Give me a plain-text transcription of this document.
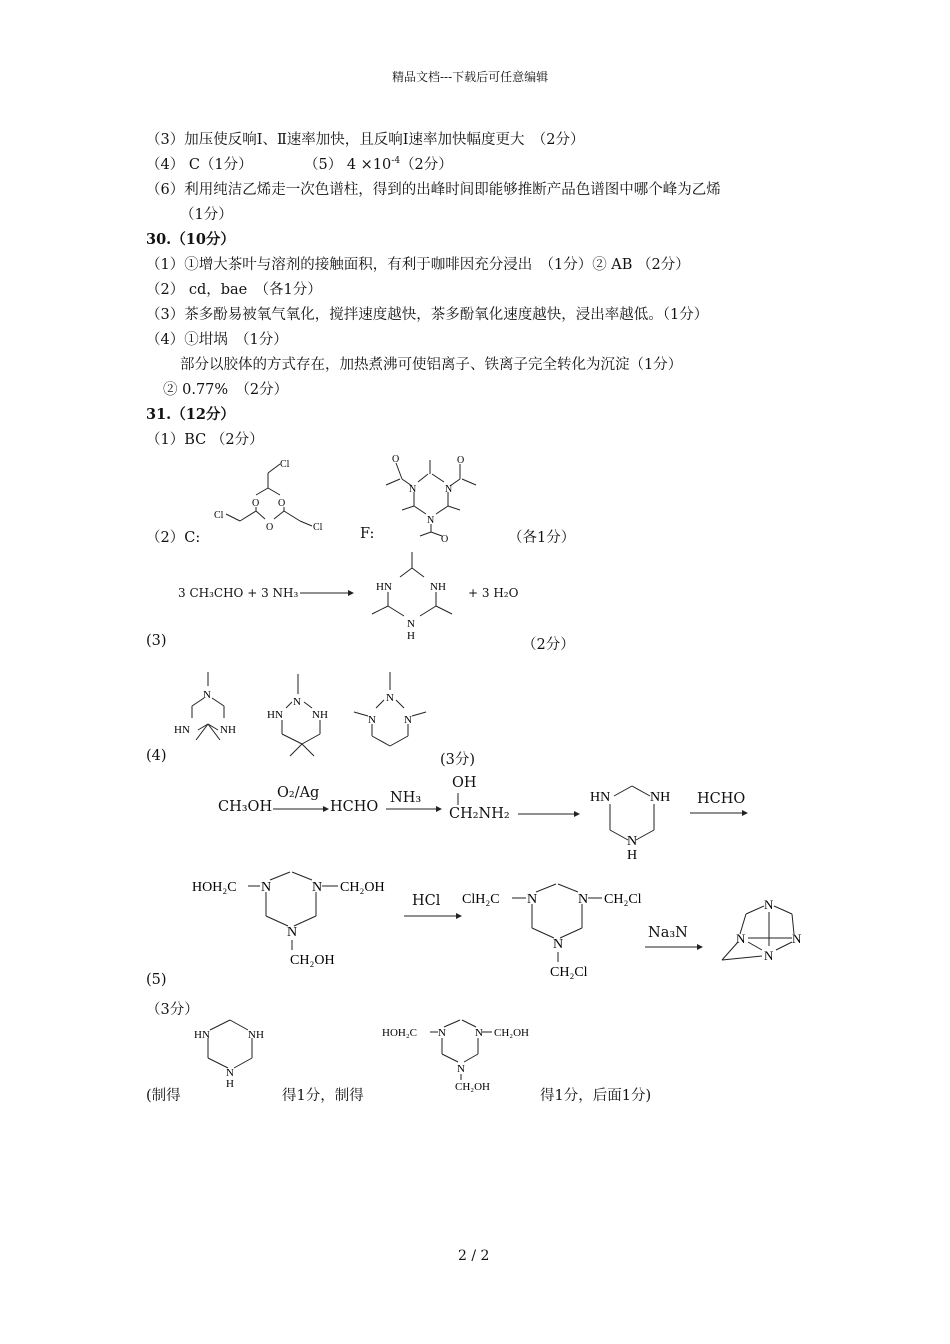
精品文档---下载后可任意编辑
（3）加压使反响Ⅰ、Ⅱ速率加快，且反响Ⅰ速率加快幅度更大　（2分）
（4） C（1分）	（5） $4 \times 10^{-4}(2$分）
（6）利用纯洁乙烯走一次色谱柱，得到的出峰时间即能够推断产品色谱图中哪个峰为乙烯
（1分）
30.（10分）
（1）①增大茶叶与溶剂的接触面积，有利于咖啡因充分浸出　（1分）② AB （2分）
（2） cd，bae　（各1分）
（3）茶多酚易被氧气氧化，搅拌速度越快，茶多酚氧化速度越快，浸出率越低。（1分）
（4）①坩埚　（1分）
部分以胶体的方式存在，加热煮沸可使铝离子、铁离子完全转化为沉淀（1分）
② 0.77%　（2分）
31.（12分）
（1）BC （2分）
（2）C:	F:	（各1分）
Cl
O
O
O
Cl
Cl
N	N
N
O	O
O
3 CH₃CHO + 3 NH₃ → HN	NH
N
H
+ 3 H₂O
(3)	（2分）
N
HN	NH
N
HN	NH
N
N	N
(4)	(3分)
CH₃OH
O₂/Ag
→ HCHO
NH₃
OH
CH₂NH₂ →
HN	NH
N
H
HCHO
HOH₂C N	N CH₂OH
N
CH₂OH
HCl ClH₂C N	N CH₂Cl
N
CH₂Cl
Na₃N
N
N	N
N
(5)
（3分）
HN	NH
N
H
HOH₂C N	N CH₂OH
N
CH₂OH
(制得	得1分，制得	得1分，后面1分)
2 / 2
